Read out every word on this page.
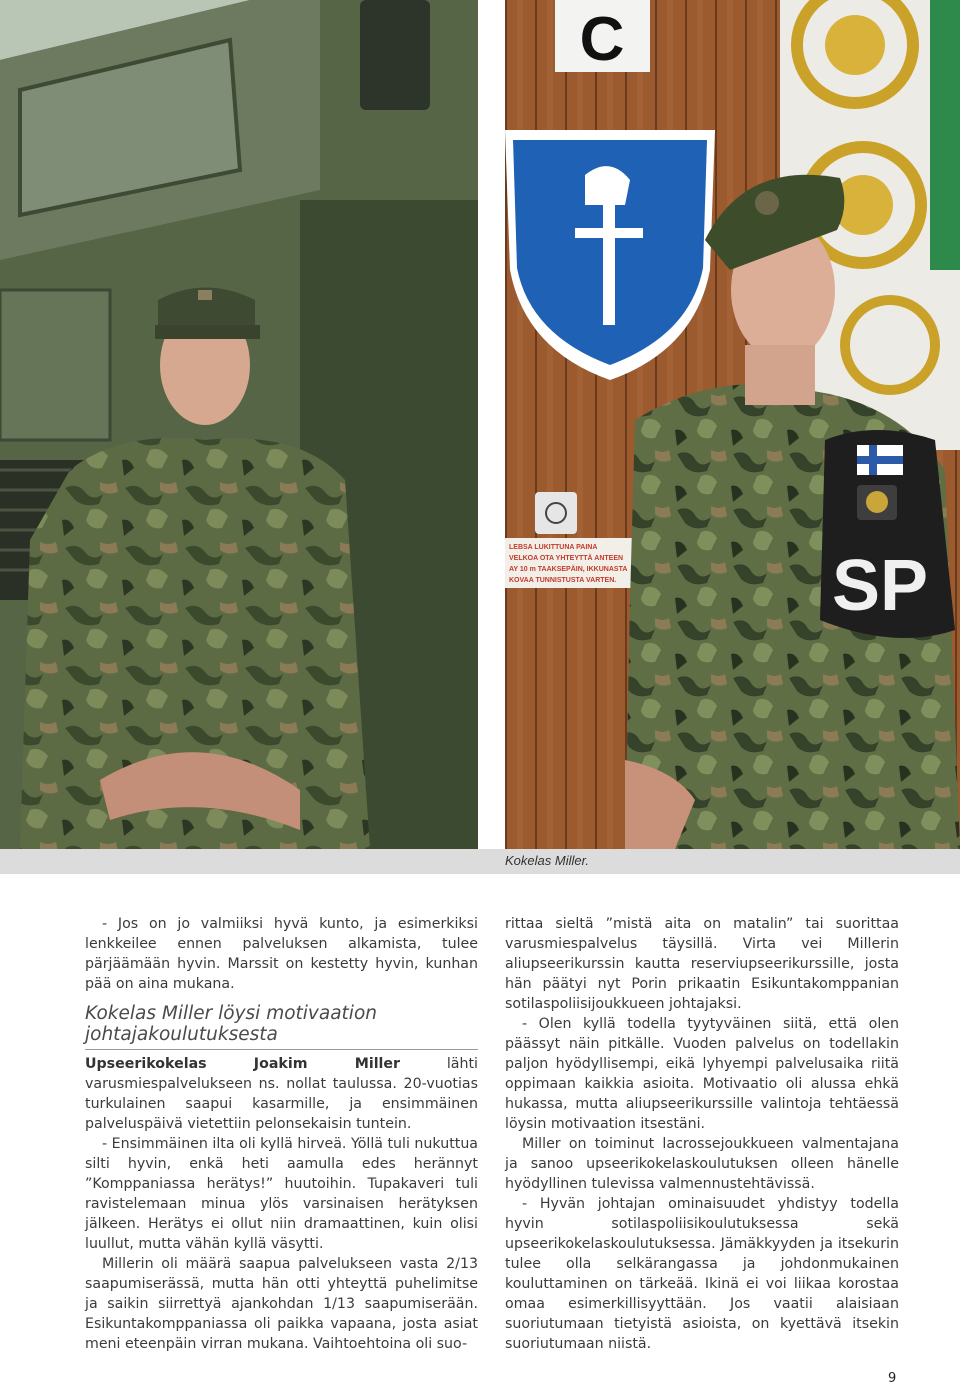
C
LEBSA LUKITTUNA PAINA VELKOA OTA YHTEYTTÄ ANTEEN AY 10 m TAAKSEPÄIN, IKKUNASTA KOVAA TUNNISTUSTA VARTEN.	SP
Kokelas Miller.

- Jos on jo valmiiksi hyvä kunto, ja esimerkiksi lenkkeilee ennen palveluksen alkamista, tulee pärjäämään hyvin. Marssit on kestetty hyvin, kunhan pää on aina mukana.

Kokelas Miller löysi motivaation johtajakoulutuksesta

Upseerikokelas Joakim Miller lähti varusmiespalvelukseen ns. nollat taulussa. 20-vuotias turkulainen saapui kasarmille, ja ensimmäinen palveluspäivä vietettiin pelonsekaisin tuntein.

- Ensimmäinen ilta oli kyllä hirveä. Yöllä tuli nukuttua silti hyvin, enkä heti aamulla edes herännyt ”Komppaniassa herätys!” huutoihin. Tupakaveri tuli ravistelemaan minua ylös varsinaisen herätyksen jälkeen. Herätys ei ollut niin dramaattinen, kuin olisi luullut, mutta vähän kyllä väsytti.

Millerin oli määrä saapua palvelukseen vasta 2/13 saapumiserässä, mutta hän otti yhteyttä puhelimitse ja saikin siirrettyä ajankohdan 1/13 saapumiserään. Esikuntakomppaniassa oli paikka vapaana, josta asiat meni eteenpäin virran mukana. Vaihtoehtoina oli suo-

rittaa sieltä ”mistä aita on matalin” tai suorittaa varusmiespalvelus täysillä. Virta vei Millerin aliupseerikurssin kautta reserviupseerikurssille, josta hän päätyi nyt Porin prikaatin Esikuntakomppanian sotilaspoliisijoukkueen johtajaksi.

- Olen kyllä todella tyytyväinen siitä, että olen päässyt näin pitkälle. Vuoden palvelus on todellakin paljon hyödyllisempi, eikä lyhyempi palvelusaika riitä oppimaan kaikkia asioita. Motivaatio oli alussa ehkä hukassa, mutta aliupseerikurssille valintoja tehtäessä löysin motivaation itsestäni.

Miller on toiminut lacrossejoukkueen valmentajana ja sanoo upseerikokelaskoulutuksen olleen hänelle hyödyllinen tulevissa valmennustehtävissä.

- Hyvän johtajan ominaisuudet yhdistyy todella hyvin sotilaspoliisikoulutuksessa sekä upseerikokelaskoulutuksessa. Jämäkkyyden ja itsekurin tulee olla selkärangassa ja johdonmukainen kouluttaminen on tärkeää. Ikinä ei voi liikaa korostaa omaa esimerkillisyyttään. Jos vaatii alaisiaan suoriutumaan tietyistä asioista, on kyettävä itsekin suoriutumaan niistä.

9
